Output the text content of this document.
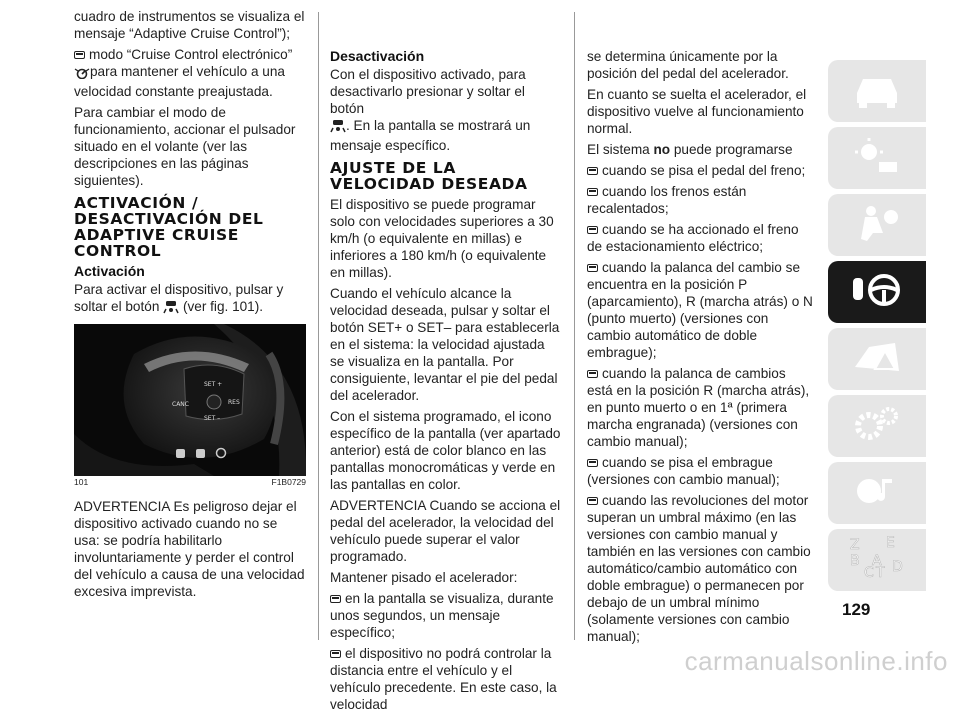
cuadro de instrumentos se visualiza el mensaje “Adaptive Cruise Control”);

modo “Cruise Control electrónico”
para mantener el vehículo a una velocidad constante preajustada.

Para cambiar el modo de funcionamiento, accionar el pulsador situado en el volante (ver las descripciones en las páginas siguientes).

ACTIVACIÓN / DESACTIVACIÓN DEL ADAPTIVE CRUISE CONTROL
Activación

Para activar el dispositivo, pulsar y soltar el botón (ver fig. 101).

SET +
CANC	RES
SET –
101	F1B0729

ADVERTENCIA Es peligroso dejar el dispositivo activado cuando no se usa: se podría habilitarlo involuntariamente y perder el control del vehículo a causa de una velocidad excesiva imprevista.

Desactivación

Con el dispositivo activado, para desactivarlo presionar y soltar el botón
. En la pantalla se mostrará un mensaje específico.

AJUSTE DE LA VELOCIDAD DESEADA

El dispositivo se puede programar solo con velocidades superiores a 30 km/h (o equivalente en millas) e inferiores a 180 km/h (o equivalente en millas).

Cuando el vehículo alcance la velocidad deseada, pulsar y soltar el botón SET+ o SET– para establecerla en el sistema: la velocidad ajustada se visualiza en la pantalla. Por consiguiente, levantar el pie del pedal del acelerador.

Con el sistema programado, el icono específico de la pantalla (ver apartado anterior) está de color blanco en las pantallas monocromáticas y verde en las pantallas en color.

ADVERTENCIA Cuando se acciona el pedal del acelerador, la velocidad del vehículo puede superar el valor programado.

Mantener pisado el acelerador:

en la pantalla se visualiza, durante unos segundos, un mensaje específico;

el dispositivo no podrá controlar la distancia entre el vehículo y el vehículo precedente. En este caso, la velocidad

se determina únicamente por la posición del pedal del acelerador.

En cuanto se suelta el acelerador, el dispositivo vuelve al funcionamiento normal.

El sistema no puede programarse

cuando se pisa el pedal del freno;

cuando los frenos están recalentados;

cuando se ha accionado el freno de estacionamiento eléctrico;

cuando la palanca del cambio se encuentra en la posición P (aparcamiento), R (marcha atrás) o N (punto muerto) (versiones con cambio automático de doble embrague);

cuando la palanca de cambios está en la posición R (marcha atrás), en punto muerto o en 1ª (primera marcha engranada) (versiones con cambio manual);

cuando se pisa el embrague (versiones con cambio manual);

cuando las revoluciones del motor superan un umbral máximo (en las versiones con cambio manual y también en las versiones con cambio automático/cambio automático con doble embrague) o permanecen por debajo de un umbral mínimo (solamente versiones con cambio manual);

Z E
B A
C T D
129
carmanualsonline.info
